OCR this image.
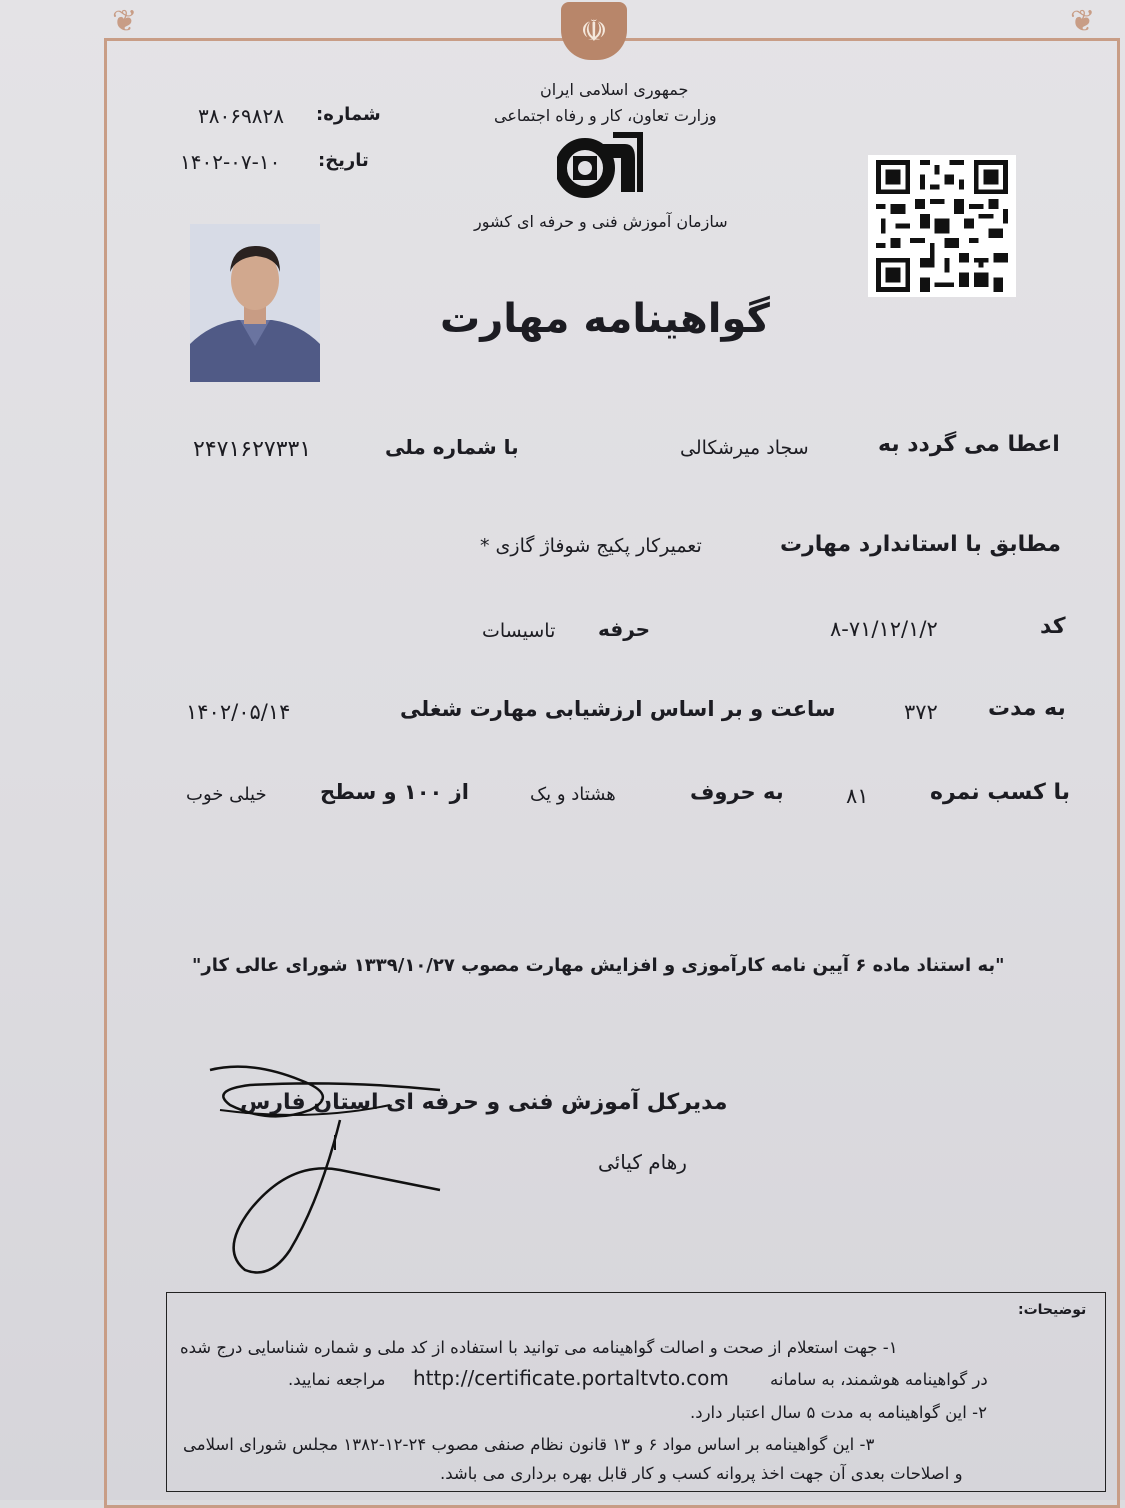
❦	❦
☫
جمهوری اسلامی ایران
وزارت تعاون، کار و رفاه اجتماعی
سازمان آموزش فنی و حرفه ای کشور
شماره:
۳۸۰۶۹۸۲۸
تاریخ:
۱۴۰۲-۰۷-۱۰
گواهینامه مهارت
اعطا می گردد به
سجاد میرشکالی
با شماره ملی
۲۴۷۱۶۲۷۳۳۱
مطابق با استاندارد مهارت
تعمیرکار پکیج شوفاژ گازی *
کد
۸-۷۱/۱۲/۱/۲
حرفه
تاسیسات
به مدت
۳۷۲
ساعت و بر اساس ارزشیابی مهارت شغلی
۱۴۰۲/۰۵/۱۴
با کسب نمره
۸۱
به حروف
هشتاد و یک
از ۱۰۰ و سطح
خیلی خوب
"به استناد ماده ۶ آیین نامه کارآموزی و افزایش مهارت مصوب ۱۳۳۹/۱۰/۲۷ شورای عالی کار"
مدیرکل آموزش فنی و حرفه ای استان فارس
رهام کیائی
توضیحات:
۱- جهت استعلام از صحت و اصالت گواهینامه می توانید با استفاده از کد ملی و شماره شناسایی درج شده
در گواهینامه هوشمند، به سامانه
http://certificate.portaltvto.com
مراجعه نمایید.
۲- این گواهینامه به مدت ۵ سال اعتبار دارد.
۳- این گواهینامه بر اساس مواد ۶ و ۱۳ قانون نظام صنفی مصوب ۲۴-۱۲-۱۳۸۲ مجلس شورای اسلامی
و اصلاحات بعدی آن جهت اخذ پروانه کسب و کار قابل بهره برداری می باشد.
